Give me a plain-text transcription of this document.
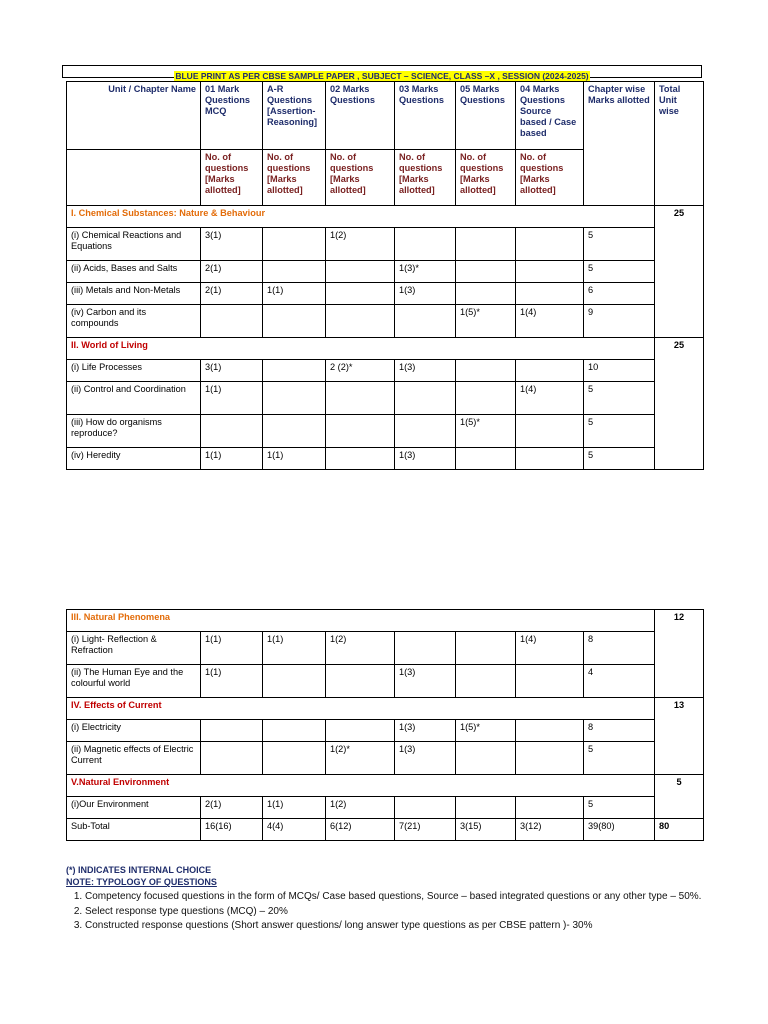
BLUE PRINT AS PER CBSE SAMPLE PAPER , SUBJECT – SCIENCE, CLASS –X , SESSION (2024-2025)
Unit / Chapter Name	01 Mark Questions MCQ	A-R Questions [Assertion-Reasoning]	02 Marks Questions	03 Marks Questions	05 Marks Questions	04 Marks Questions Source based / Case based	Chapter wise Marks allotted	Total Unit wise
	No. of questions [Marks allotted]	No. of questions [Marks allotted]	No. of questions [Marks allotted]	No. of questions [Marks allotted]	No. of questions [Marks allotted]	No. of questions [Marks allotted]		
I. Chemical Substances: Nature & Behaviour								25
(i) Chemical Reactions and Equations	3(1)		1(2)				5	
(ii) Acids, Bases and Salts	2(1)			1(3)*			5	
(iii) Metals and Non-Metals	2(1)	1(1)		1(3)			6	
(iv) Carbon and its compounds					1(5)*	1(4)	9	
II. World of Living								25
(i) Life Processes	3(1)		2 (2)*	1(3)			10	
(ii) Control and Coordination	1(1)					1(4)	5	
(iii) How do organisms reproduce?					1(5)*		5	
(iv) Heredity	1(1)	1(1)		1(3)			5	
III. Natural Phenomena								12
(i) Light- Reflection & Refraction	1(1)	1(1)	1(2)			1(4)	8	
(ii) The Human Eye and the colourful world	1(1)			1(3)			4	
IV. Effects of Current								13
(i) Electricity				1(3)	1(5)*		8	
(ii) Magnetic effects of Electric Current			1(2)*	1(3)			5	
V.Natural Environment								5
(i)Our Environment	2(1)	1(1)	1(2)				5	
Sub-Total	16(16)	4(4)	6(12)	7(21)	3(15)	3(12)	39(80)	80
(*) INDICATES INTERNAL CHOICE
NOTE: TYPOLOGY OF QUESTIONS
1. Competency focused questions in the form of MCQs/ Case based questions, Source – based integrated questions or any other type – 50%.
2. Select response type questions (MCQ) – 20%
3. Constructed response questions (Short answer questions/ long answer type questions as per CBSE pattern )- 30%
